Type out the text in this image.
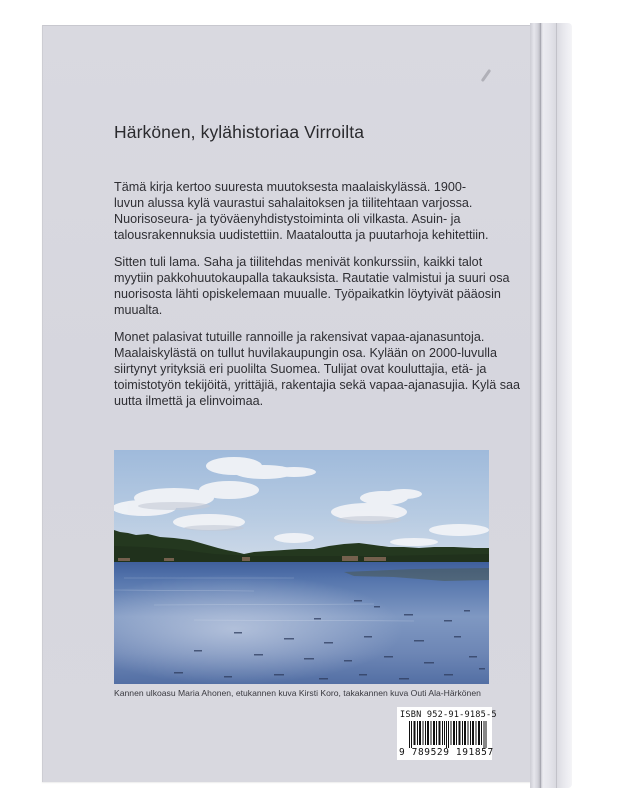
Härkönen, kylähistoriaa Virroilta

Tämä kirja kertoo suuresta muutoksesta maalaiskylässä. 1900-
luvun alussa kylä vaurastui sahalaitoksen ja tiilitehtaan varjossa.
Nuorisoseura- ja työväenyhdistystoiminta oli vilkasta. Asuin- ja
talousrakennuksia uudistettiin. Maataloutta ja puutarhoja kehitettiin.

Sitten tuli lama. Saha ja tiilitehdas menivät konkurssiin, kaikki talot
myytiin pakkohuutokaupalla takauksista. Rautatie valmistui ja suuri osa
nuorisosta lähti opiskelemaan muualle. Työpaikatkin löytyivät pääosin
muualta.

Monet palasivat tutuille rannoille ja rakensivat vapaa-ajanasuntoja.
Maalaiskylästä on tullut huvilakaupungin osa. Kylään on 2000-luvulla
siirtynyt yrityksiä eri puolilta Suomea. Tulijat ovat kouluttajia, etä- ja
toimistotyön tekijöitä, yrittäjiä, rakentajia sekä vapaa-ajanasujia. Kylä saa
uutta ilmettä ja elinvoimaa.

Kannen ulkoasu Maria Ahonen, etukannen kuva Kirsti Koro, takakannen kuva Outi Ala-Härkönen

ISBN 952-91-9185-5
9 789529 191857
